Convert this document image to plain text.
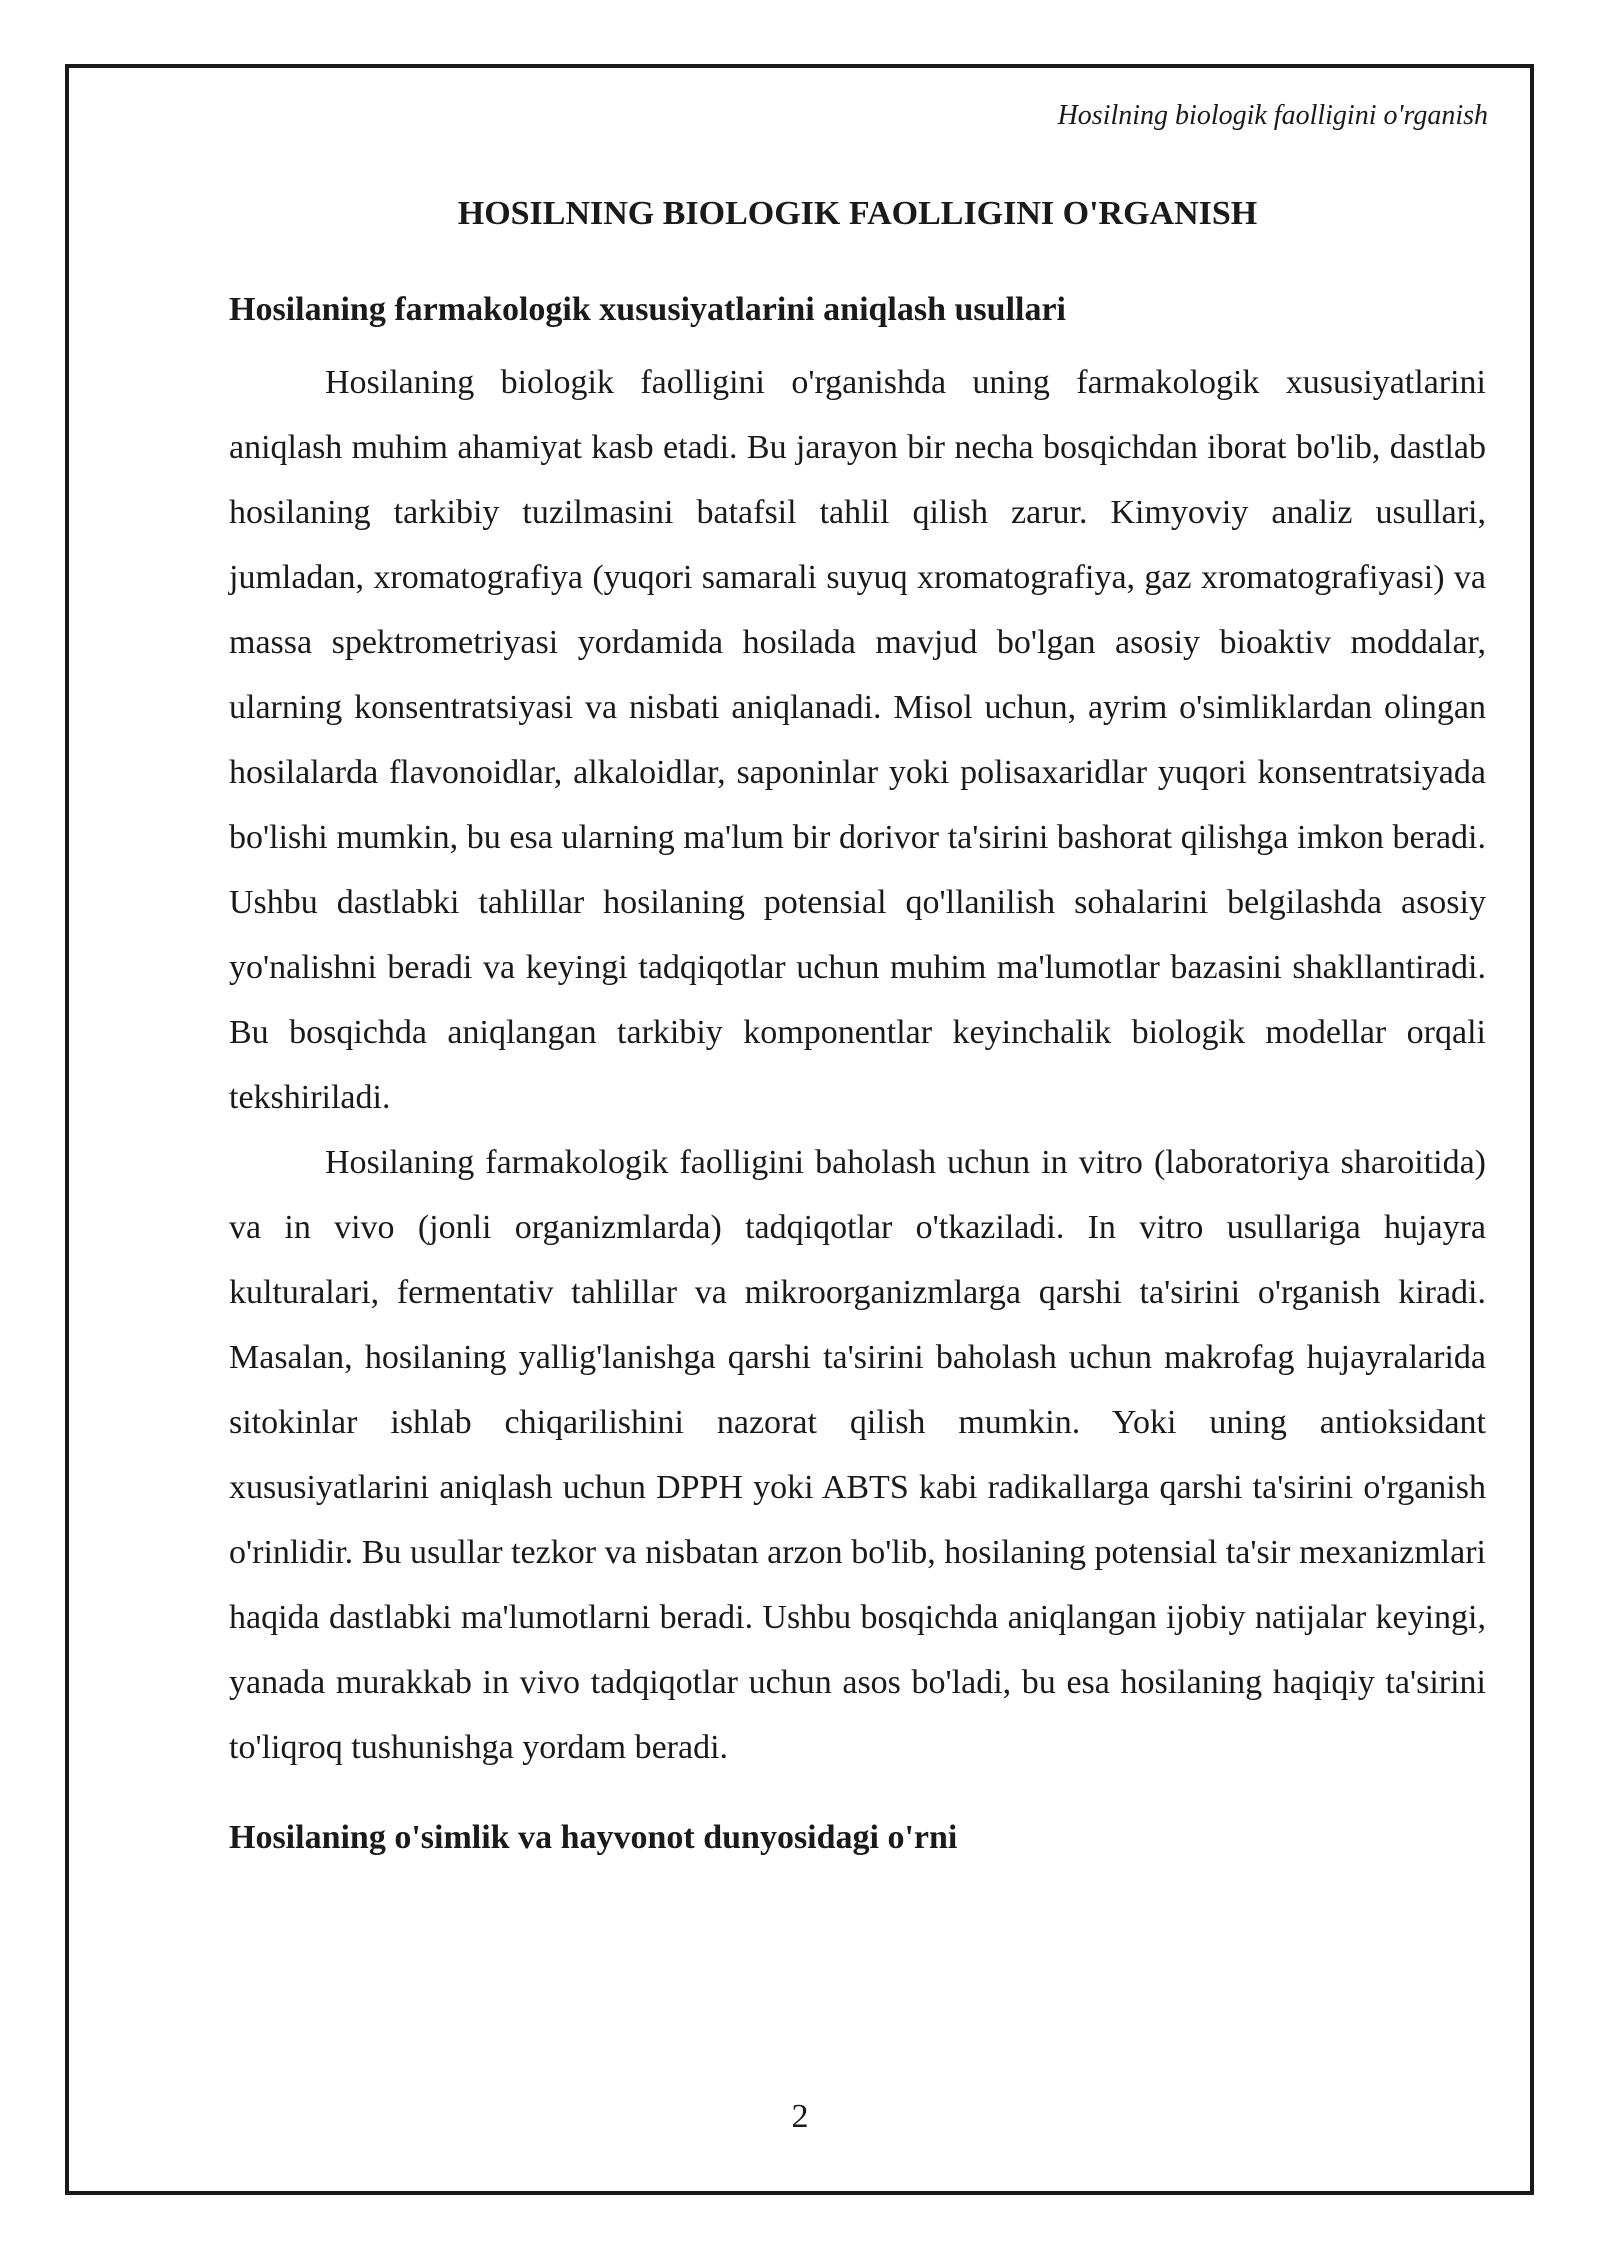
Hosilning biologik faolligini o'rganish
HOSILNING BIOLOGIK FAOLLIGINI O'RGANISH
Hosilaning farmakologik xususiyatlarini aniqlash usullari

Hosilaning biologik faolligini o'rganishda uning farmakologik xususiyatlarini aniqlash muhim ahamiyat kasb etadi. Bu jarayon bir necha bosqichdan iborat bo'lib, dastlab hosilaning tarkibiy tuzilmasini batafsil tahlil qilish zarur. Kimyoviy analiz usullari, jumladan, xromatografiya (yuqori samarali suyuq xromatografiya, gaz xromatografiyasi) va massa spektrometriyasi yordamida hosilada mavjud bo'lgan asosiy bioaktiv moddalar, ularning konsentratsiyasi va nisbati aniqlanadi. Misol uchun, ayrim o'simliklardan olingan hosilalarda flavonoidlar, alkaloidlar, saponinlar yoki polisaxaridlar yuqori konsentratsiyada bo'lishi mumkin, bu esa ularning ma'lum bir dorivor ta'sirini bashorat qilishga imkon beradi. Ushbu dastlabki tahlillar hosilaning potensial qo'llanilish sohalarini belgilashda asosiy yo'nalishni beradi va keyingi tadqiqotlar uchun muhim ma'lumotlar bazasini shakllantiradi. Bu bosqichda aniqlangan tarkibiy komponentlar keyinchalik biologik modellar orqali tekshiriladi.

Hosilaning farmakologik faolligini baholash uchun in vitro (laboratoriya sharoitida) va in vivo (jonli organizmlarda) tadqiqotlar o'tkaziladi. In vitro usullariga hujayra kulturalari, fermentativ tahlillar va mikroorganizmlarga qarshi ta'sirini o'rganish kiradi. Masalan, hosilaning yallig'lanishga qarshi ta'sirini baholash uchun makrofag hujayralarida sitokinlar ishlab chiqarilishini nazorat qilish mumkin. Yoki uning antioksidant xususiyatlarini aniqlash uchun DPPH yoki ABTS kabi radikallarga qarshi ta'sirini o'rganish o'rinlidir. Bu usullar tezkor va nisbatan arzon bo'lib, hosilaning potensial ta'sir mexanizmlari haqida dastlabki ma'lumotlarni beradi. Ushbu bosqichda aniqlangan ijobiy natijalar keyingi, yanada murakkab in vivo tadqiqotlar uchun asos bo'ladi, bu esa hosilaning haqiqiy ta'sirini to'liqroq tushunishga yordam beradi.

Hosilaning o'simlik va hayvonot dunyosidagi o'rni
2
